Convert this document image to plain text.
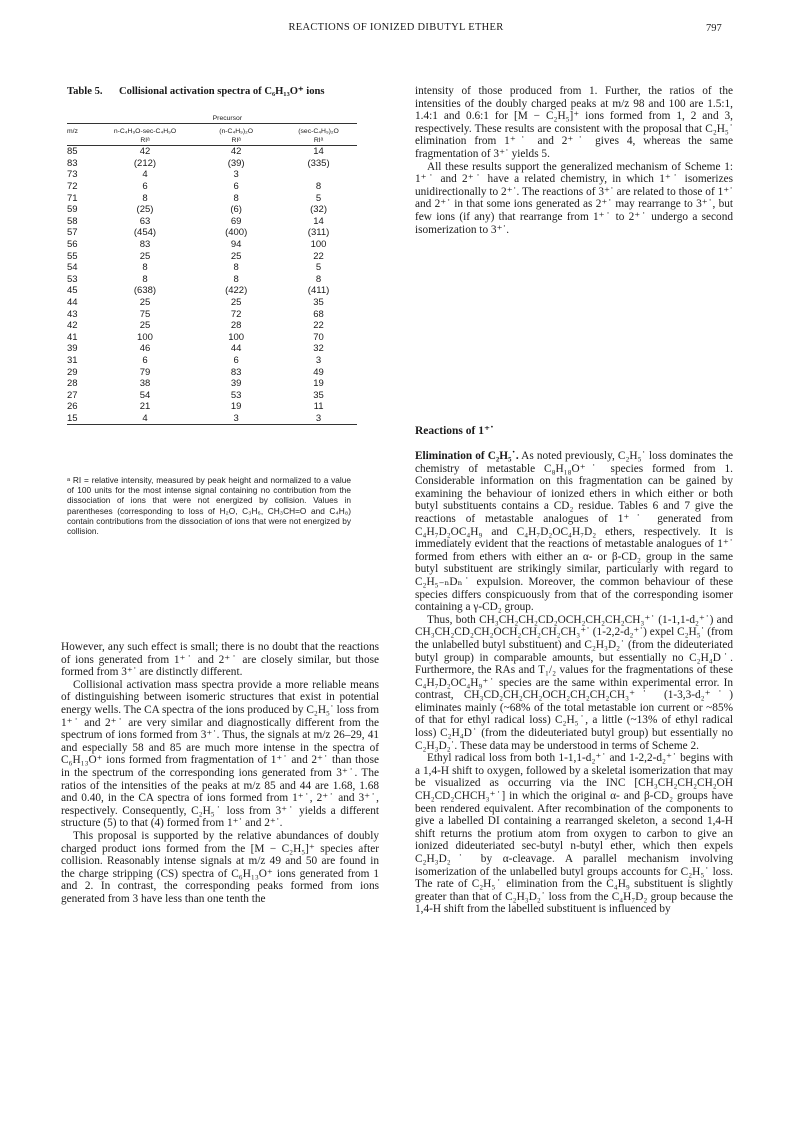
REACTIONS OF IONIZED DIBUTYL ETHER	797
Table 5. Collisional activation spectra of C₆H₁₃O⁺ ions
	Precursor		
m/z	n-C₄H₉O-sec-C₄H₉O	(n-C₄H₉)₂O	(sec-C₄H₉)₂O
	RIᵃ	RIᵃ	RIᵃ
85	42	42	14
83	(212)	(39)	(335)
73	4	3	
72	6	6	8
71	8	8	5
59	(25)	(6)	(32)
58	63	69	14
57	(454)	(400)	(311)
56	83	94	100
55	25	25	22
54	8	8	5
53	8	8	8
45	(638)	(422)	(411)
44	25	25	35
43	75	72	68
42	25	28	22
41	100	100	70
39	46	44	32
31	6	6	3
29	79	83	49
28	38	39	19
27	54	53	35
26	21	19	11
15	4	3	3
ᵃ RI = relative intensity, measured by peak height and normalized to a value of 100 units for the most intense signal containing no contribution from the dissociation of ions that were not energized by collision. Values in parentheses (corresponding to loss of H₂O, C₃H₆, CH₃CH=O and C₄H₈) contain contributions from the dissociation of ions that were not energized by collision.

However, any such effect is small; there is no doubt that the reactions of ions generated from 1⁺˙ and 2⁺˙ are closely similar, but those formed from 3⁺˙ are distinctly different.

Collisional activation mass spectra provide a more reliable means of distinguishing between isomeric structures that exist in potential energy wells. The CA spectra of the ions produced by C₂H₅˙ loss from 1⁺˙ and 2⁺˙ are very similar and diagnostically different from the spectrum of ions formed from 3⁺˙. Thus, the signals at m/z 26–29, 41 and especially 58 and 85 are much more intense in the spectra of C₆H₁₃O⁺ ions formed from fragmentation of 1⁺˙ and 2⁺˙ than those in the spectrum of the corresponding ions generated from 3⁺˙. The ratios of the intensities of the peaks at m/z 85 and 44 are 1.68, 1.68 and 0.40, in the CA spectra of ions formed from 1⁺˙, 2⁺˙ and 3⁺˙, respectively. Consequently, C₂H₅˙ loss from 3⁺˙ yields a different structure (5) to that (4) formed from 1⁺˙ and 2⁺˙.

This proposal is supported by the relative abundances of doubly charged product ions formed from the [M − C₂H₅]⁺ species after collision. Reasonably intense signals at m/z 49 and 50 are found in the charge stripping (CS) spectra of C₆H₁₃O⁺ ions generated from 1 and 2. In contrast, the corresponding peaks formed from ions generated from 3 have less than one tenth the

intensity of those produced from 1. Further, the ratios of the intensities of the doubly charged peaks at m/z 98 and 100 are 1.5:1, 1.4:1 and 0.6:1 for [M − C₂H₅]⁺ ions formed from 1, 2 and 3, respectively. These results are consistent with the proposal that C₂H₅˙ elimination from 1⁺˙ and 2⁺˙ gives 4, whereas the same fragmentation of 3⁺˙ yields 5.

All these results support the generalized mechanism of Scheme 1: 1⁺˙ and 2⁺˙ have a related chemistry, in which 1⁺˙ isomerizes unidirectionally to 2⁺˙. The reactions of 3⁺˙ are related to those of 1⁺˙ and 2⁺˙ in that some ions generated as 2⁺˙ may rearrange to 3⁺˙, but few ions (if any) that rearrange from 1⁺˙ to 2⁺˙ undergo a second isomerization to 3⁺˙.

Reactions of 1⁺˙

Elimination of C₂H₅˙. As noted previously, C₂H₅˙ loss dominates the chemistry of metastable C₈H₁₈O⁺˙ species formed from 1. Considerable information on this fragmentation can be gained by examining the behaviour of ionized ethers in which either or both butyl substituents contains a CD₂ residue. Tables 6 and 7 give the reactions of metastable analogues of 1⁺˙ generated from C₄H₇D₂OC₄H₉ and C₄H₇D₂OC₄H₇D₂ ethers, respectively. It is immediately evident that the reactions of metastable analogues of 1⁺˙ formed from ethers with either an α- or β-CD₂ group in the same butyl substituent are strikingly similar, particularly with regard to C₂H₅₋ₙDₙ˙ expulsion. Moreover, the common behaviour of these species differs conspicuously from that of the corresponding isomer containing a γ-CD₂ group.

Thus, both CH₃CH₂CH₂CD₂OCH₂CH₂CH₂CH₃⁺˙ (1-1,1-d₂⁺˙) and CH₃CH₂CD₂CH₂OCH₂CH₂CH₂CH₃⁺˙ (1-2,2-d₂⁺˙) expel C₂H₅˙ (from the unlabelled butyl substituent) and C₂H₃D₂˙ (from the dideuteriated butyl group) in comparable amounts, but essentially no C₂H₄D˙. Furthermore, the RAs and T₁/₂ values for the fragmentations of these C₄H₇D₂OC₄H₉⁺˙ species are the same within experimental error. In contrast, CH₃CD₂CH₂CH₂OCH₂CH₂CH₂CH₃⁺˙ (1-3,3-d₂⁺˙) eliminates mainly (~68% of the total metastable ion current or ~85% of that for ethyl radical loss) C₂H₅˙, a little (~13% of ethyl radical loss) C₂H₄D˙ (from the dideuteriated butyl group) but essentially no C₂H₃D₂˙. These data may be understood in terms of Scheme 2.

Ethyl radical loss from both 1-1,1-d₂⁺˙ and 1-2,2-d₂⁺˙ begins with a 1,4-H shift to oxygen, followed by a skeletal isomerization that may be visualized as occurring via the INC [CH₃CH₂CH₂CH₂OH CH₂CD₂CHCH₃⁺˙] in which the original α- and β-CD₂ groups have been rendered equivalent. After recombination of the components to give a labelled DI containing a rearranged skeleton, a second 1,4-H shift returns the protium atom from oxygen to carbon to give an ionized dideuteriated sec-butyl n-butyl ether, which then expels C₂H₃D₂˙ by α-cleavage. A parallel mechanism involving isomerization of the unlabelled butyl groups accounts for C₂H₅˙ loss. The rate of C₂H₅˙ elimination from the C₄H₉ substituent is slightly greater than that of C₂H₃D₂˙ loss from the C₄H₇D₂ group because the 1,4-H shift from the labelled substituent is influenced by
